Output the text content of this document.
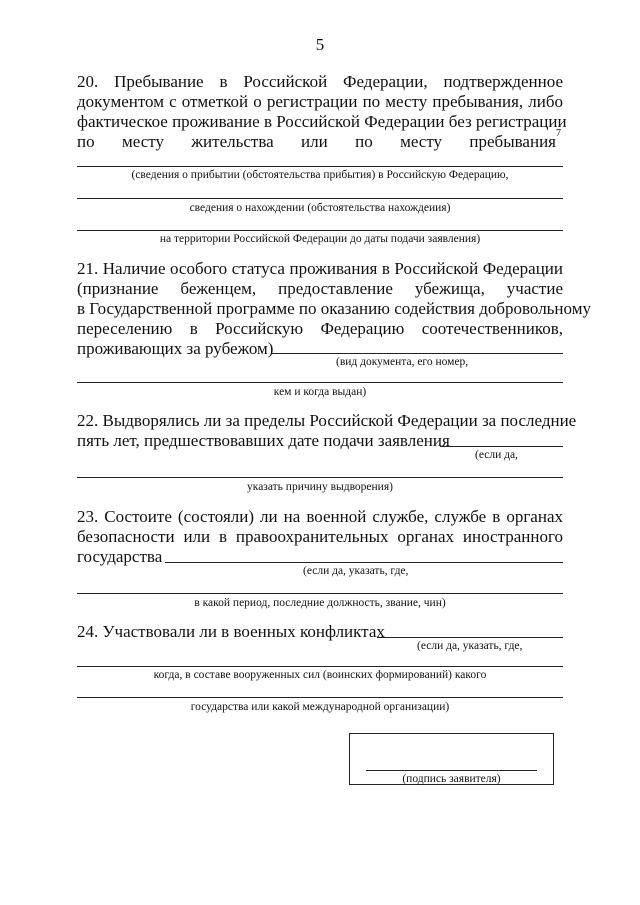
5
20. Пребывание в Российской Федерации, подтвержденное
документом с отметкой о регистрации по месту пребывания, либо
фактическое проживание в Российской Федерации без регистрации
по месту жительства или по месту пребывания 7
(сведения о прибытии (обстоятельства прибытия) в Российскую Федерацию,
сведения о нахождении (обстоятельства нахождеиия)
на территории Российской Федерации до даты подачи заявления)
21. Наличие особого статуса проживания в Российской Федерации
(признание беженцем, предоставление убежища, участие
в Государственной программе по оказанию содействия добровольному
переселению в Российскую Федерацию соотечественников,
проживающих за рубежом)
(вид документа, его номер,
кем и когда выдан)
22. Выдворялись ли за пределы Российской Федерации за последние
пять лет, предшествовавших дате подачи заявления
(если да,
указать причину выдворения)
23. Состоите (состояли) ли на военной службе, службе в органах
безопасности или в правоохранительных органах иностранного
государства
(если да, указать, где,
в какой период, последние должность, звание, чин)
24. Участвовали ли в военных конфликтах
(если да, указать, где,
когда, в составе вооруженных сил (воинских формирований) какого
государства или какой международной организации)
(подпись заявителя)
